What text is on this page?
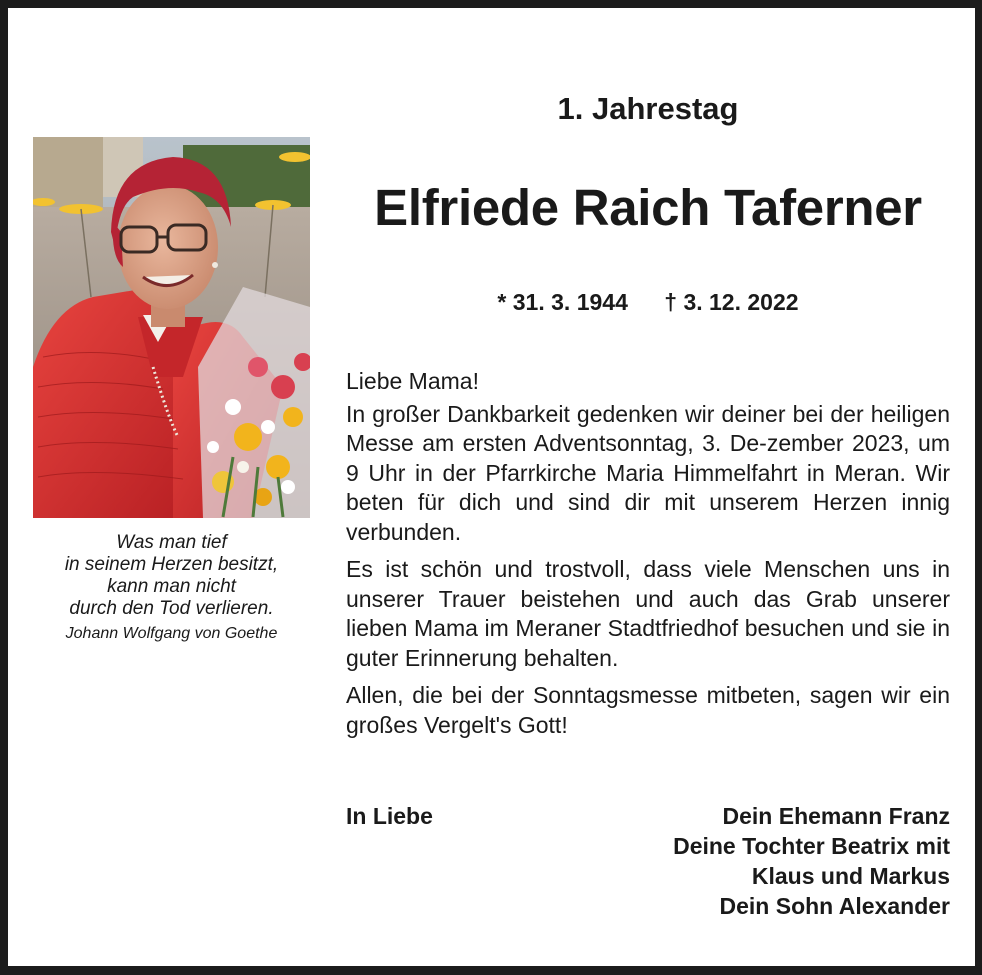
Was man tief
in seinem Herzen besitzt,
kann man nicht
durch den Tod verlieren.
Johann Wolfgang von Goethe
1. Jahrestag
Elfriede Raich Taferner
* 31. 3. 1944 † 3. 12. 2022

Liebe Mama!

In großer Dankbarkeit gedenken wir deiner bei der heiligen Messe am ersten Adventsonntag, 3. De-zember 2023, um 9 Uhr in der Pfarrkirche Maria Himmelfahrt in Meran. Wir beten für dich und sind dir mit unserem Herzen innig verbunden.

Es ist schön und trostvoll, dass viele Menschen uns in unserer Trauer beistehen und auch das Grab unserer lieben Mama im Meraner Stadtfriedhof besuchen und sie in guter Erinnerung behalten.

Allen, die bei der Sonntagsmesse mitbeten, sagen wir ein großes Vergelt's Gott!

In Liebe	Dein Ehemann Franz
Deine Tochter Beatrix mit
Klaus und Markus
Dein Sohn Alexander
